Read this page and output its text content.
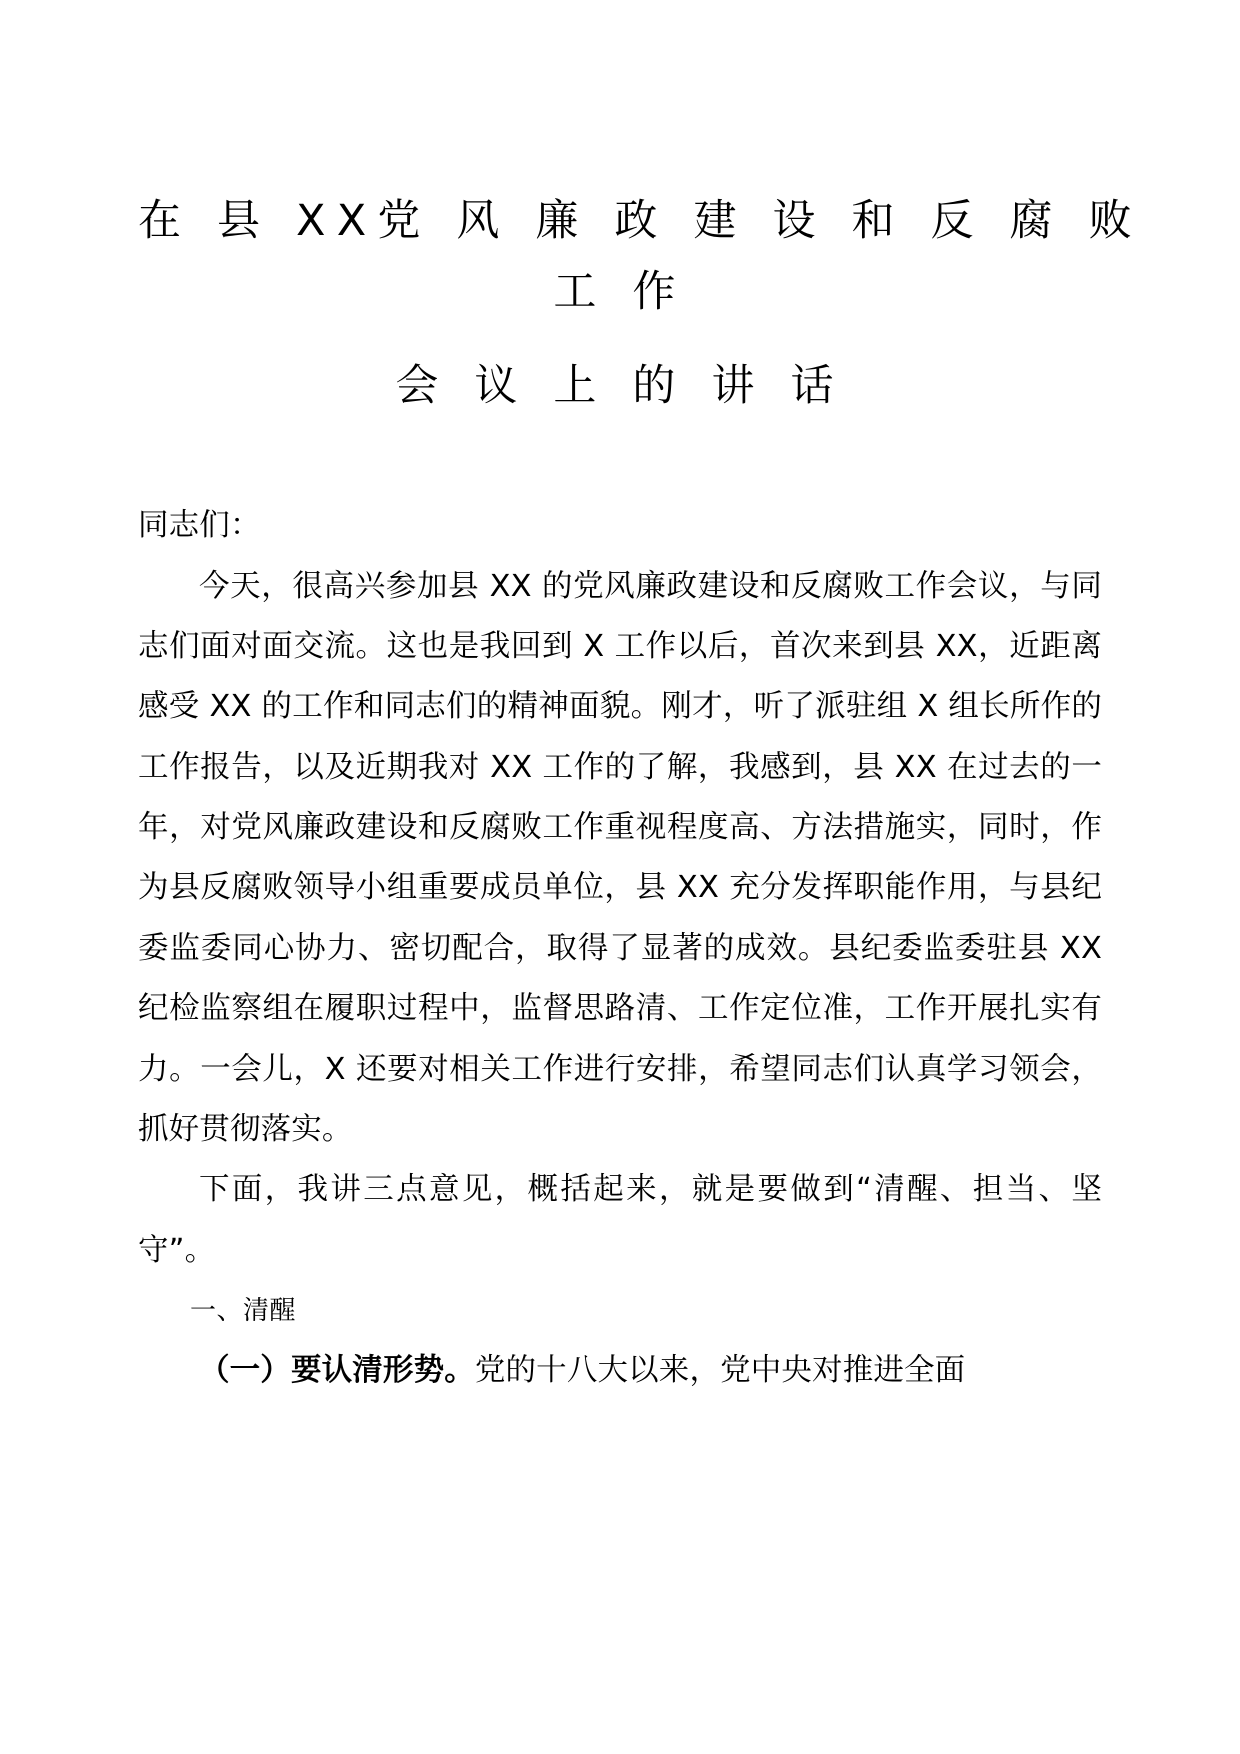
在 县 XX党 风 廉 政 建 设 和 反 腐 败
工 作
会 议 上 的 讲 话

同志们：

今天，很高兴参加县 XX 的党风廉政建设和反腐败工作会议，与同志们面对面交流。这也是我回到 X 工作以后，首次来到县 XX，近距离感受 XX 的工作和同志们的精神面貌。刚才，听了派驻组 X 组长所作的工作报告，以及近期我对 XX 工作的了解，我感到，县 XX 在过去的一年，对党风廉政建设和反腐败工作重视程度高、方法措施实，同时，作为县反腐败领导小组重要成员单位，县 XX 充分发挥职能作用，与县纪委监委同心协力、密切配合，取得了显著的成效。县纪委监委驻县 XX 纪检监察组在履职过程中，监督思路清、工作定位准，工作开展扎实有力。一会儿，X 还要对相关工作进行安排，希望同志们认真学习领会，抓好贯彻落实。

下面，我讲三点意见，概括起来，就是要做到“清醒、担当、坚守”。

一、清醒

（一）要认清形势。党的十八大以来，党中央对推进全面
